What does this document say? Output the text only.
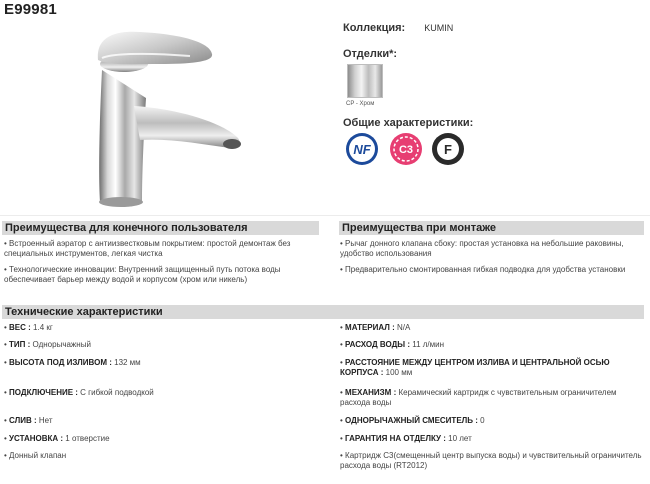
E99981
Коллекция: KUMIN
Отделки*:
CP - Хром
Общие характеристики:
NF	C3 F
Преимущества для конечного пользователя	Преимущества при монтаже
• Встроенный аэратор с антиизвестковым покрытием: простой демонтаж без специальных инструментов, легкая чистка
• Технологические инновации: Внутренний защищенный путь потока воды обеспечивает барьер между водой и корпусом (хром или никель)
• Рычаг донного клапана сбоку: простая установка на небольшие раковины, удобство использования
• Предварительно смонтированная гибкая подводка для удобства установки
Технические характеристики
• ВЕС : 1.4 кг
• ТИП : Однорычажный
• ВЫСОТА ПОД ИЗЛИВОМ : 132 мм
• ПОДКЛЮЧЕНИЕ : С гибкой подводкой
• СЛИВ : Нет
• УСТАНОВКА : 1 отверстие
• Донный клапан
• МАТЕРИАЛ : N/A
• РАСХОД ВОДЫ : 11 л/мин
• РАССТОЯНИЕ МЕЖДУ ЦЕНТРОМ ИЗЛИВА И ЦЕНТРАЛЬНОЙ ОСЬЮ КОРПУСА : 100 мм
• МЕХАНИЗМ : Керамический картридж с чувствительным ограничителем расхода воды
• ОДНОРЫЧАЖНЫЙ СМЕСИТЕЛЬ : 0
• ГАРАНТИЯ НА ОТДЕЛКУ : 10 лет
• Картридж C3(смещенный центр выпуска воды) и чувствительный ограничитель расхода воды (RT2012)
